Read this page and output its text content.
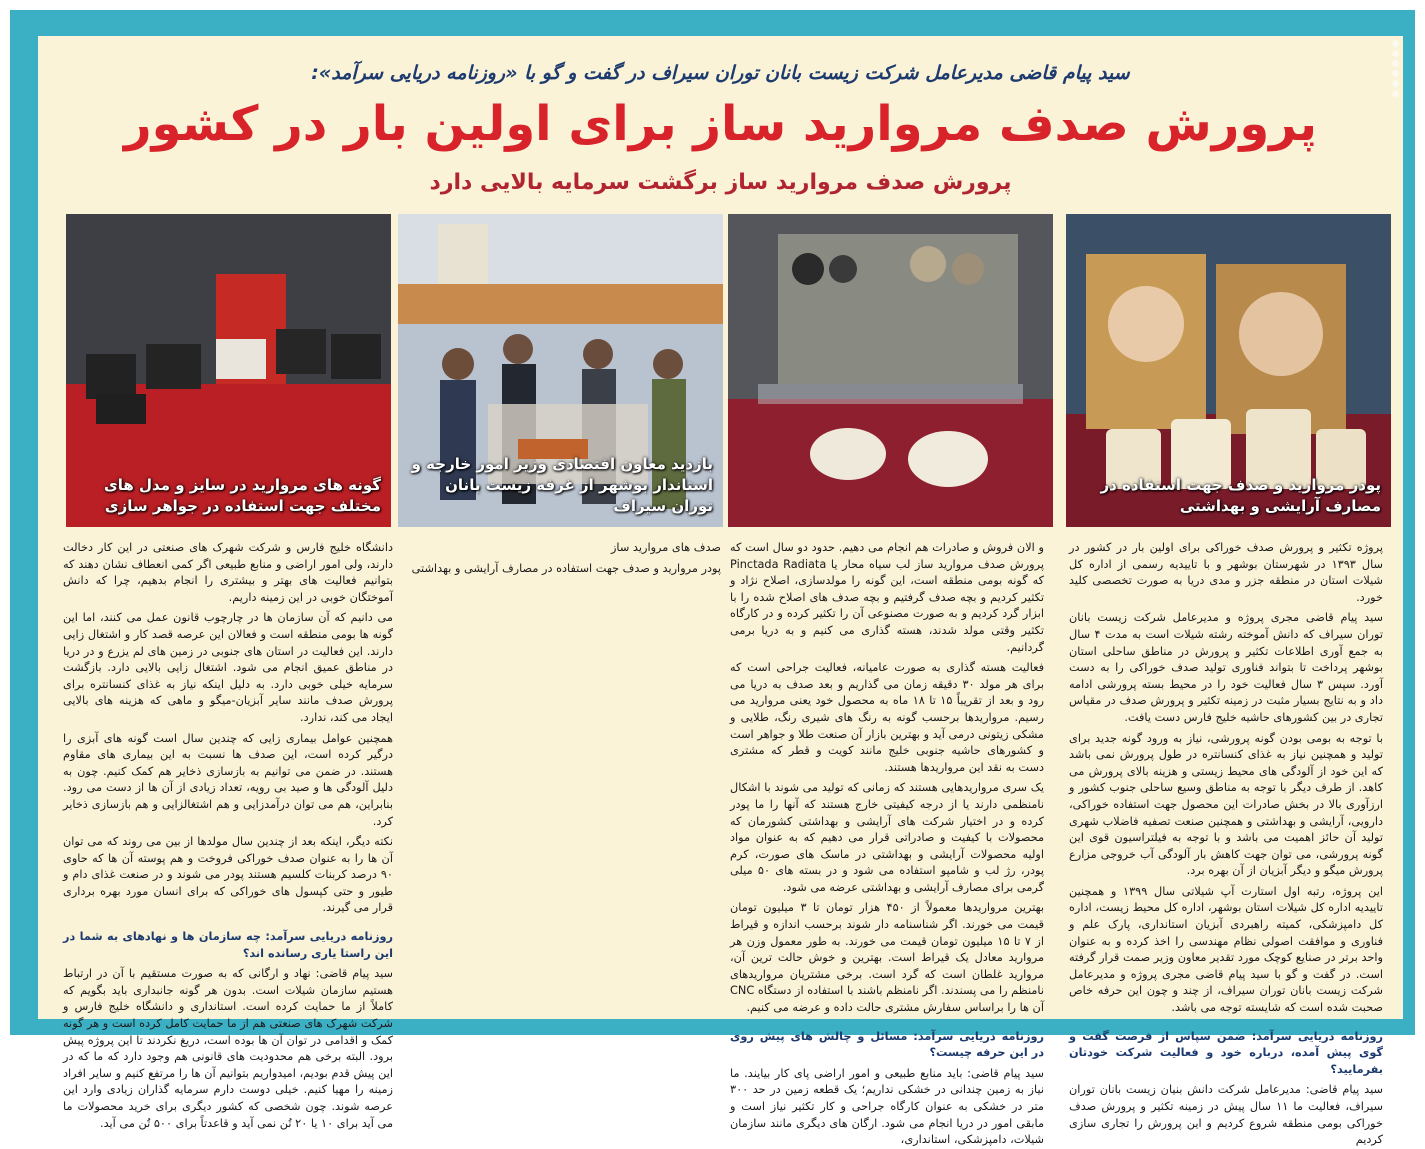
سید پیام قاضی مدیرعامل شرکت زیست بانان توران سیراف در گفت و گو با «روزنامه دریایی سرآمد»:
پرورش صدف مروارید ساز برای اولین بار در کشور
پرورش صدف مروارید ساز برگشت سرمایه بالایی دارد
پودر مروارید و صدف جهت استفاده در مصارف آرایشی و بهداشتی
بازدید معاون اقتصادی وزیر امور خارجه و استاندار بوشهر از غرفه زیست بانان توران سیراف
گونه های مروارید در سایز و مدل های مختلف جهت استفاده در جواهر سازی

پروژه تکثیر و پرورش صدف خوراکی برای اولین بار در کشور در سال ۱۳۹۳ در شهرستان بوشهر و با تاییدیه رسمی از اداره کل شیلات استان در منطقه جزر و مدی دریا به صورت تخصصی کلید خورد.

سید پیام قاضی مجری پروژه و مدیرعامل شرکت زیست بانان توران سیراف که دانش آموخته رشته شیلات است به مدت ۴ سال به جمع آوری اطلاعات تکثیر و پرورش در مناطق ساحلی استان بوشهر پرداخت تا بتواند فناوری تولید صدف خوراکی را به دست آورد. سپس ۳ سال فعالیت خود را در محیط بسته پرورشی ادامه داد و به نتایج بسیار مثبت در زمینه تکثیر و پرورش صدف در مقیاس تجاری در بین کشورهای حاشیه خلیج فارس دست یافت.

با توجه به بومی بودن گونه پرورشی، نیاز به ورود گونه جدید برای تولید و همچنین نیاز به غذای کنسانتره در طول پرورش نمی باشد که این خود از آلودگی های محیط زیستی و هزینه بالای پرورش می کاهد. از طرف دیگر با توجه به مناطق وسیع ساحلی جنوب کشور و ارزآوری بالا در بخش صادرات این محصول جهت استفاده خوراکی، دارویی، آرایشی و بهداشتی و همچنین صنعت تصفیه فاضلاب شهری تولید آن حائز اهمیت می باشد و با توجه به فیلتراسیون قوی این گونه پرورشی، می توان جهت کاهش بار آلودگی آب خروجی مزارع پرورش میگو و دیگر آبزیان از آن بهره برد.

این پروژه، رتبه اول استارت آپ شیلاتی سال ۱۳۹۹ و همچنین تاییدیه اداره کل شیلات استان بوشهر، اداره کل محیط زیست، اداره کل دامپزشکی، کمیته راهبردی آبزیان استانداری، پارک علم و فناوری و موافقت اصولی نظام مهندسی را اخذ کرده و به عنوان واحد برتر در صنایع کوچک مورد تقدیر معاون وزیر صمت قرار گرفته است. در گفت و گو با سید پیام قاضی مجری پروژه و مدیرعامل شرکت زیست بانان توران سیراف، از چند و چون این حرفه خاص صحبت شده است که شایسته توجه می باشد.

روزنامه دریایی سرآمد: ضمن سپاس از فرصت گفت و گوی پیش آمده، درباره خود و فعالیت شرکت خودتان بفرمایید؟

سید پیام قاضی: مدیرعامل شرکت دانش بنیان زیست بانان توران سیراف، فعالیت ما ۱۱ سال پیش در زمینه تکثیر و پرورش صدف خوراکی بومی منطقه شروع کردیم و این پرورش را تجاری سازی کردیم

و الان فروش و صادرات هم انجام می دهیم. حدود دو سال است که پرورش صدف مروارید ساز لب سیاه محار یا Pinctada Radiata که گونه بومی منطقه است، این گونه را مولدسازی، اصلاح نژاد و تکثیر کردیم و بچه صدف گرفتیم و بچه صدف های اصلاح شده را با ابزار گرد کردیم و به صورت مصنوعی آن را تکثیر کرده و در کارگاه تکثیر وقتی مولد شدند، هسته گذاری می کنیم و به دریا برمی گردانیم.

فعالیت هسته گذاری به صورت عامیانه، فعالیت جراحی است که برای هر مولد ۳۰ دقیقه زمان می گذاریم و بعد صدف به دریا می رود و بعد از تقریباً ۱۵ تا ۱۸ ماه به محصول خود یعنی مروارید می رسیم. مرواریدها برحسب گونه به رنگ های شیری رنگ، طلایی و مشکی زیتونی درمی آید و بهترین بازار آن صنعت طلا و جواهر است و کشورهای حاشیه جنوبی خلیج مانند کویت و قطر که مشتری دست به نقد این مرواریدها هستند.

یک سری مرواریدهایی هستند که زمانی که تولید می شوند با اشکال نامنظمی دارند یا از درجه کیفیتی خارج هستند که آنها را ما پودر کرده و در اختیار شرکت های آرایشی و بهداشتی کشورمان که محصولات با کیفیت و صادراتی قرار می دهیم که به عنوان مواد اولیه محصولات آرایشی و بهداشتی در ماسک های صورت، کرم پودر، رژ لب و شامپو استفاده می شود و در بسته های ۵۰ میلی گرمی برای مصارف آرایشی و بهداشتی عرضه می شود.

بهترین مرواریدها معمولاً از ۴۵۰ هزار تومان تا ۳ میلیون تومان قیمت می خورند. اگر شناسنامه دار شوند برحسب اندازه و قیراط از ۷ تا ۱۵ میلیون تومان قیمت می خورند. به طور معمول وزن هر مروارید معادل یک قیراط است. بهترین و خوش حالت ترین آن، مروارید غلطان است که گرد است. برخی مشتریان مرواریدهای نامنظم را می پسندند. اگر نامنظم باشند با استفاده از دستگاه CNC آن ها را براساس سفارش مشتری حالت داده و عرضه می کنیم.

روزنامه دریایی سرآمد: مسائل و چالش های پیش روی در این حرفه چیست؟

سید پیام قاضی: باید منابع طبیعی و امور اراضی پای کار بیایند. ما نیاز به زمین چندانی در خشکی نداریم؛ یک قطعه زمین در حد ۳۰۰ متر در خشکی به عنوان کارگاه جراحی و کار تکثیر نیاز است و مابقی امور در دریا انجام می شود. ارگان های دیگری مانند سازمان شیلات، دامپزشکی، استانداری،

دانشگاه خلیج فارس و شرکت شهرک های صنعتی در این کار دخالت دارند، ولی امور اراضی و منابع طبیعی اگر کمی انعطاف نشان دهند که بتوانیم فعالیت های بهتر و بیشتری را انجام بدهیم، چرا که دانش آموختگان خوبی در این زمینه داریم.

می دانیم که آن سازمان ها در چارچوب قانون عمل می کنند، اما این گونه ها بومی منطقه است و فعالان این عرصه قصد کار و اشتغال زایی دارند. این فعالیت در استان های جنوبی در زمین های لم یزرع و در دریا در مناطق عمیق انجام می شود. اشتغال زایی بالایی دارد. بازگشت سرمایه خیلی خوبی دارد. به دلیل اینکه نیاز به غذای کنسانتره برای پرورش صدف مانند سایر آبزیان-میگو و ماهی که هزینه های بالایی ایجاد می کند، ندارد.

همچنین عوامل بیماری زایی که چندین سال است گونه های آبزی را درگیر کرده است، این صدف ها نسبت به این بیماری های مقاوم هستند. در ضمن می توانیم به بازسازی ذخایر هم کمک کنیم. چون به دلیل آلودگی ها و صید بی رویه، تعداد زیادی از آن ها از دست می رود. بنابراین، هم می توان درآمدزایی و هم اشتغالزایی و هم بازسازی ذخایر کرد.

نکته دیگر، اینکه بعد از چندین سال مولدها از بین می روند که می توان آن ها را به عنوان صدف خوراکی فروخت و هم پوسته آن ها که حاوی ۹۰ درصد کربنات کلسیم هستند پودر می شوند و در صنعت غذای دام و طیور و حتی کپسول های خوراکی که برای انسان مورد بهره برداری قرار می گیرند.

روزنامه دریایی سرآمد: چه سازمان ها و نهادهای به شما در این راستا یاری رسانده اند؟

سید پیام قاضی: نهاد و ارگانی که به صورت مستقیم با آن در ارتباط هستیم سازمان شیلات است. بدون هر گونه جانبداری باید بگویم که کاملاً از ما حمایت کرده است. استانداری و دانشگاه خلیج فارس و شرکت شهرک های صنعتی هم از ما حمایت کامل کرده است و هر گونه کمک و اقدامی در توان آن ها بوده است، دریغ نکردند تا این پروژه پیش برود. البته برخی هم محدودیت های قانونی هم وجود دارد که ما که در این پیش قدم بودیم، امیدواریم بتوانیم آن ها را مرتفع کنیم و سایر افراد زمینه را مهیا کنیم. خیلی دوست دارم سرمایه گذاران زیادی وارد این عرصه شوند. چون شخصی که کشور دیگری برای خرید محصولات ما می آید برای ۱۰ یا ۲۰ تُن نمی آید و قاعدتاً برای ۵۰۰ تُن می آید.

صدف های مروارید ساز

پودر مروارید و صدف جهت استفاده در مصارف آرایشی و بهداشتی
